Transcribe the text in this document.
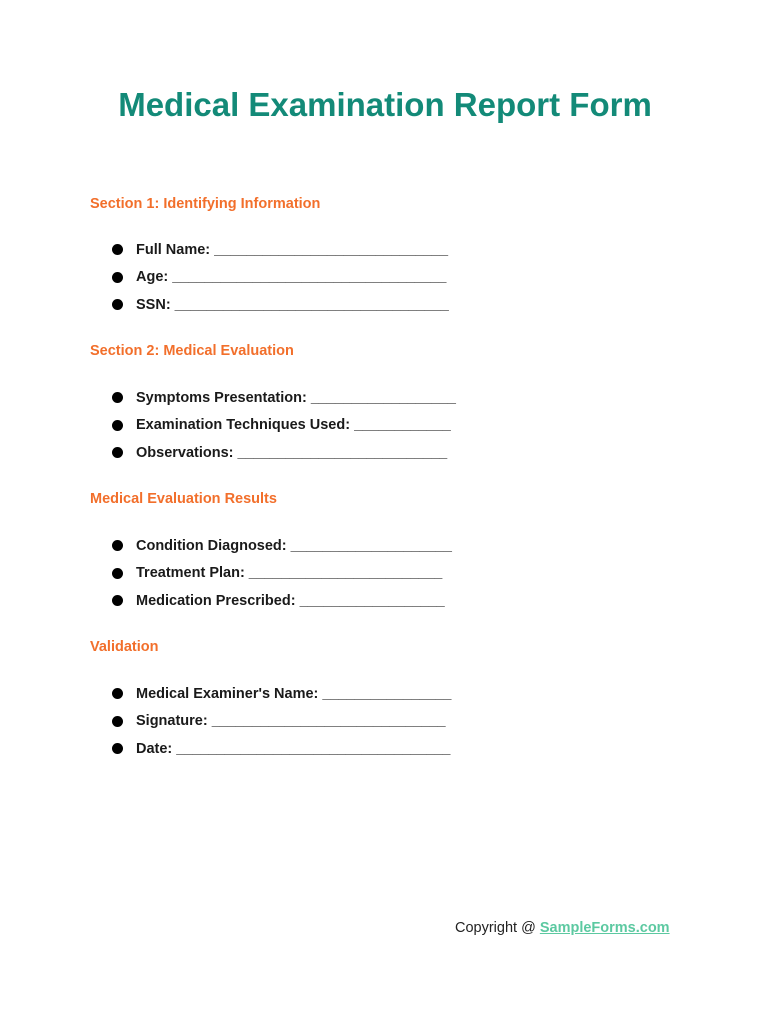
Medical Examination Report Form
Section 1: Identifying Information
Full Name: _____________________________
Age: __________________________________
SSN: __________________________________
Section 2: Medical Evaluation
Symptoms Presentation: __________________
Examination Techniques Used: ____________
Observations: __________________________
Medical Evaluation Results
Condition Diagnosed: ____________________
Treatment Plan: ________________________
Medication Prescribed: __________________
Validation
Medical Examiner's Name: ________________
Signature: _____________________________
Date: __________________________________
Copyright @ SampleForms.com
